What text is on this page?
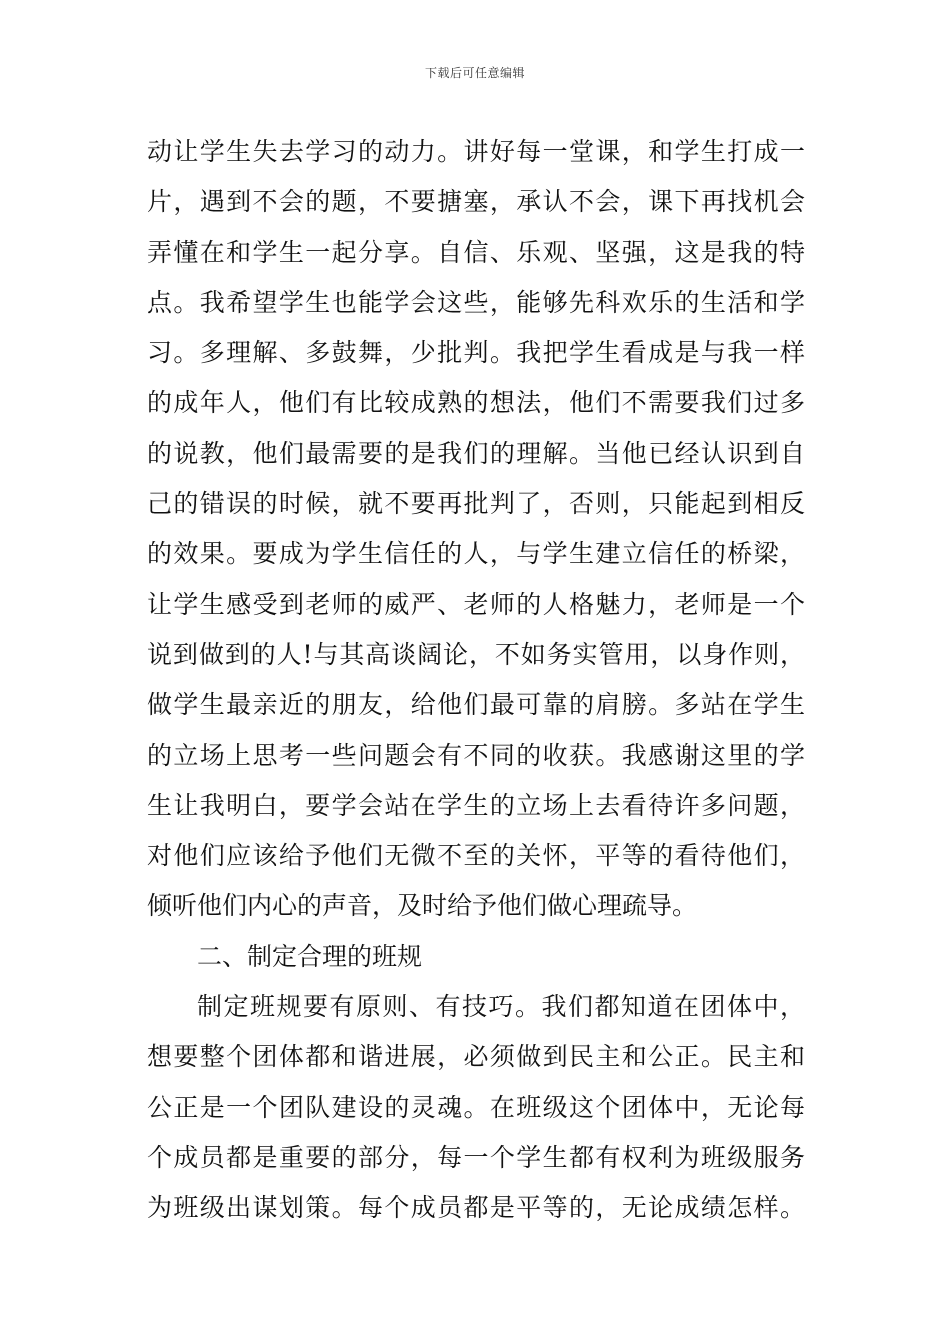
下载后可任意编辑
动让学生失去学习的动力。讲好每一堂课，和学生打成一
片，遇到不会的题，不要搪塞，承认不会，课下再找机会
弄懂在和学生一起分享。自信、乐观、坚强，这是我的特
点。我希望学生也能学会这些，能够先科欢乐的生活和学
习。多理解、多鼓舞，少批判。我把学生看成是与我一样
的成年人，他们有比较成熟的想法，他们不需要我们过多
的说教，他们最需要的是我们的理解。当他已经认识到自
己的错误的时候，就不要再批判了，否则，只能起到相反
的效果。要成为学生信任的人，与学生建立信任的桥梁，
让学生感受到老师的威严、老师的人格魅力，老师是一个
说到做到的人!与其高谈阔论，不如务实管用，以身作则，
做学生最亲近的朋友，给他们最可靠的肩膀。多站在学生
的立场上思考一些问题会有不同的收获。我感谢这里的学
生让我明白，要学会站在学生的立场上去看待许多问题，
对他们应该给予他们无微不至的关怀，平等的看待他们，
倾听他们内心的声音，及时给予他们做心理疏导。
二、制定合理的班规
制定班规要有原则、有技巧。我们都知道在团体中，
想要整个团体都和谐进展，必须做到民主和公正。民主和
公正是一个团队建设的灵魂。在班级这个团体中，无论每
个成员都是重要的部分，每一个学生都有权利为班级服务
为班级出谋划策。每个成员都是平等的，无论成绩怎样。
